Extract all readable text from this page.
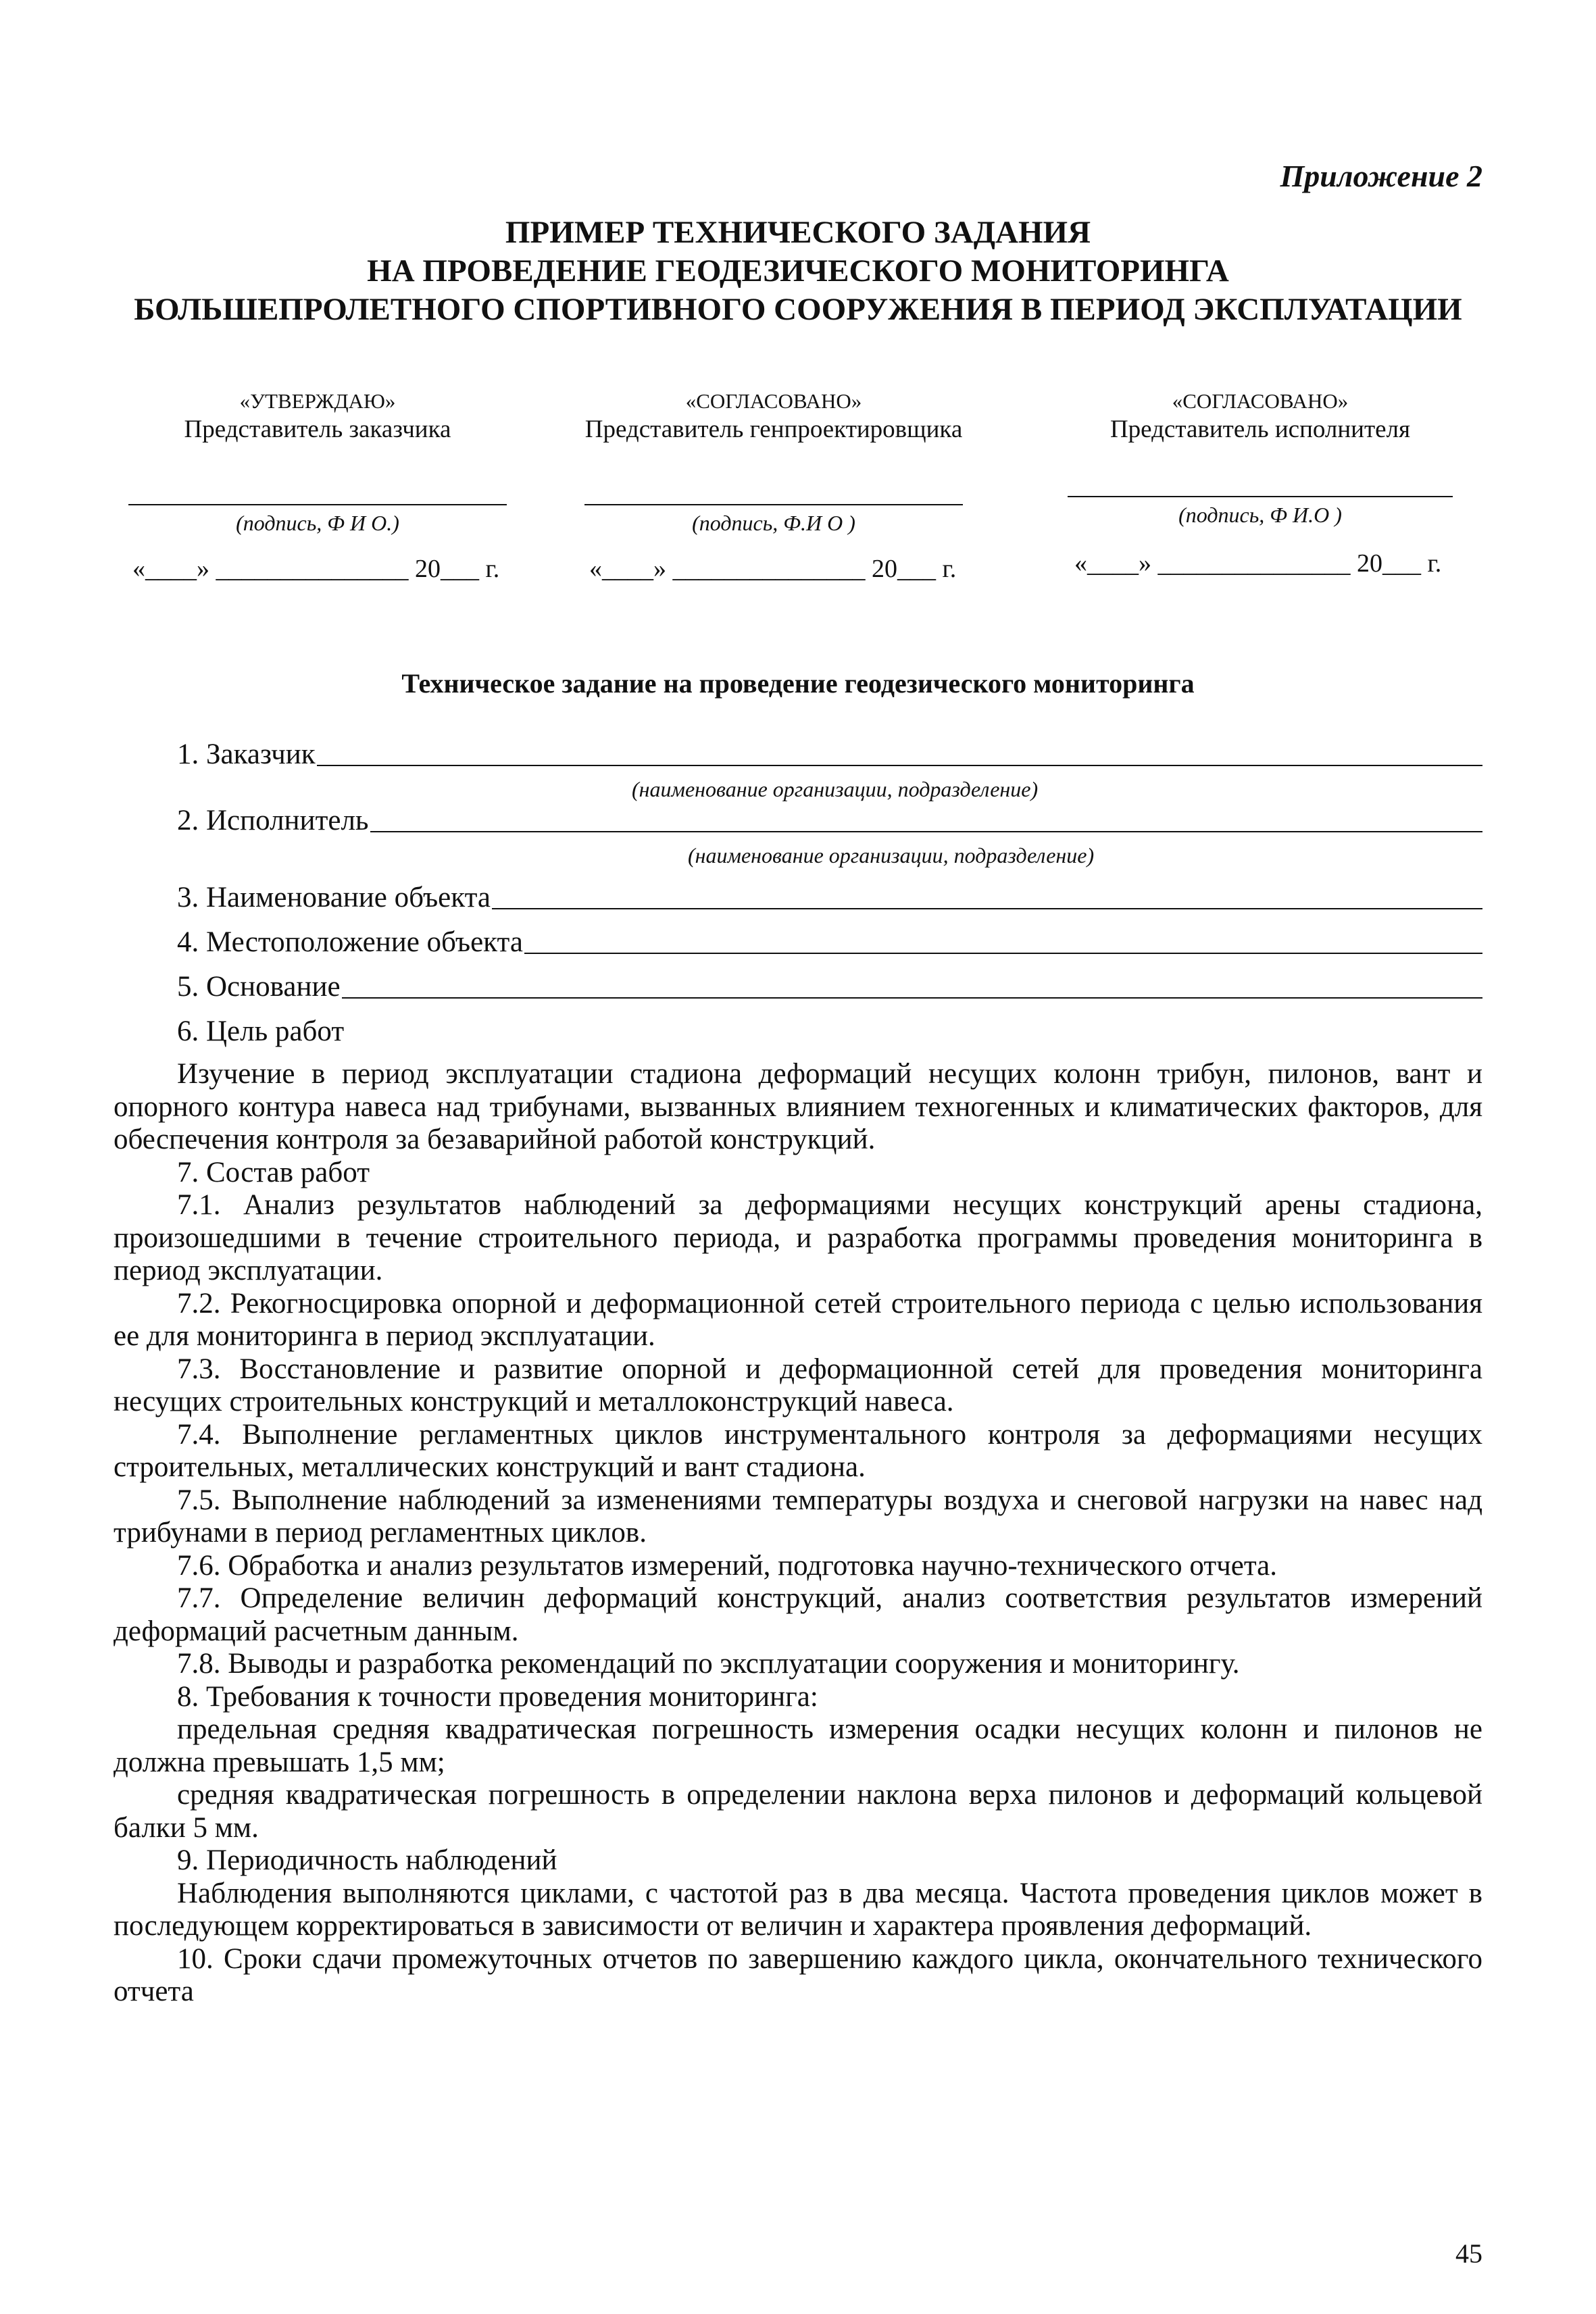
Приложение 2
ПРИМЕР ТЕХНИЧЕСКОГО ЗАДАНИЯ
НА ПРОВЕДЕНИЕ ГЕОДЕЗИЧЕСКОГО МОНИТОРИНГА
БОЛЬШЕПРОЛЕТНОГО СПОРТИВНОГО СООРУЖЕНИЯ В ПЕРИОД ЭКСПЛУАТАЦИИ
«УТВЕРЖДАЮ»
Представитель заказчика
(подпись, Ф И О.)
«____» _______________ 20___ г.
«СОГЛАСОВАНО»
Представитель генпроектировщика
(подпись, Ф.И О )
«____» _______________ 20___ г.
«СОГЛАСОВАНО»
Представитель исполнителя
(подпись, Ф И.О )
«____» _______________ 20___ г.
Техническое задание на проведение геодезического мониторинга
1. Заказчик
(наименование организации, подразделение)
2. Исполнитель
(наименование организации, подразделение)
3. Наименование объекта
4. Местоположение объекта
5. Основание
6. Цель работ

Изучение в период эксплуатации стадиона деформаций несущих колонн трибун, пилонов, вант и опорного контура навеса над трибунами, вызванных влиянием техногенных и климатических факторов, для обеспечения контроля за безаварийной работой конструкций.

7. Состав работ

7.1. Анализ результатов наблюдений за деформациями несущих конструкций арены стадиона, произошедшими в течение строительного периода, и разработка программы проведения мониторинга в период эксплуатации.

7.2. Рекогносцировка опорной и деформационной сетей строительного периода с целью использования ее для мониторинга в период эксплуатации.

7.3. Восстановление и развитие опорной и деформационной сетей для проведения мониторинга несущих строительных конструкций и металлоконструкций навеса.

7.4. Выполнение регламентных циклов инструментального контроля за деформациями несущих строительных, металлических конструкций и вант стадиона.

7.5. Выполнение наблюдений за изменениями температуры воздуха и снеговой нагрузки на навес над трибунами в период регламентных циклов.

7.6. Обработка и анализ результатов измерений, подготовка научно-технического отчета.

7.7. Определение величин деформаций конструкций, анализ соответствия результатов измерений деформаций расчетным данным.

7.8. Выводы и разработка рекомендаций по эксплуатации сооружения и мониторингу.

8. Требования к точности проведения мониторинга:

предельная средняя квадратическая погрешность измерения осадки несущих колонн и пилонов не должна превышать 1,5 мм;

средняя квадратическая погрешность в определении наклона верха пилонов и деформаций кольцевой балки 5 мм.

9. Периодичность наблюдений

Наблюдения выполняются циклами, с частотой раз в два месяца. Частота проведения циклов может в последующем корректироваться в зависимости от величин и характера проявления деформаций.

10. Сроки сдачи промежуточных отчетов по завершению каждого цикла, окончательного технического отчета

45
